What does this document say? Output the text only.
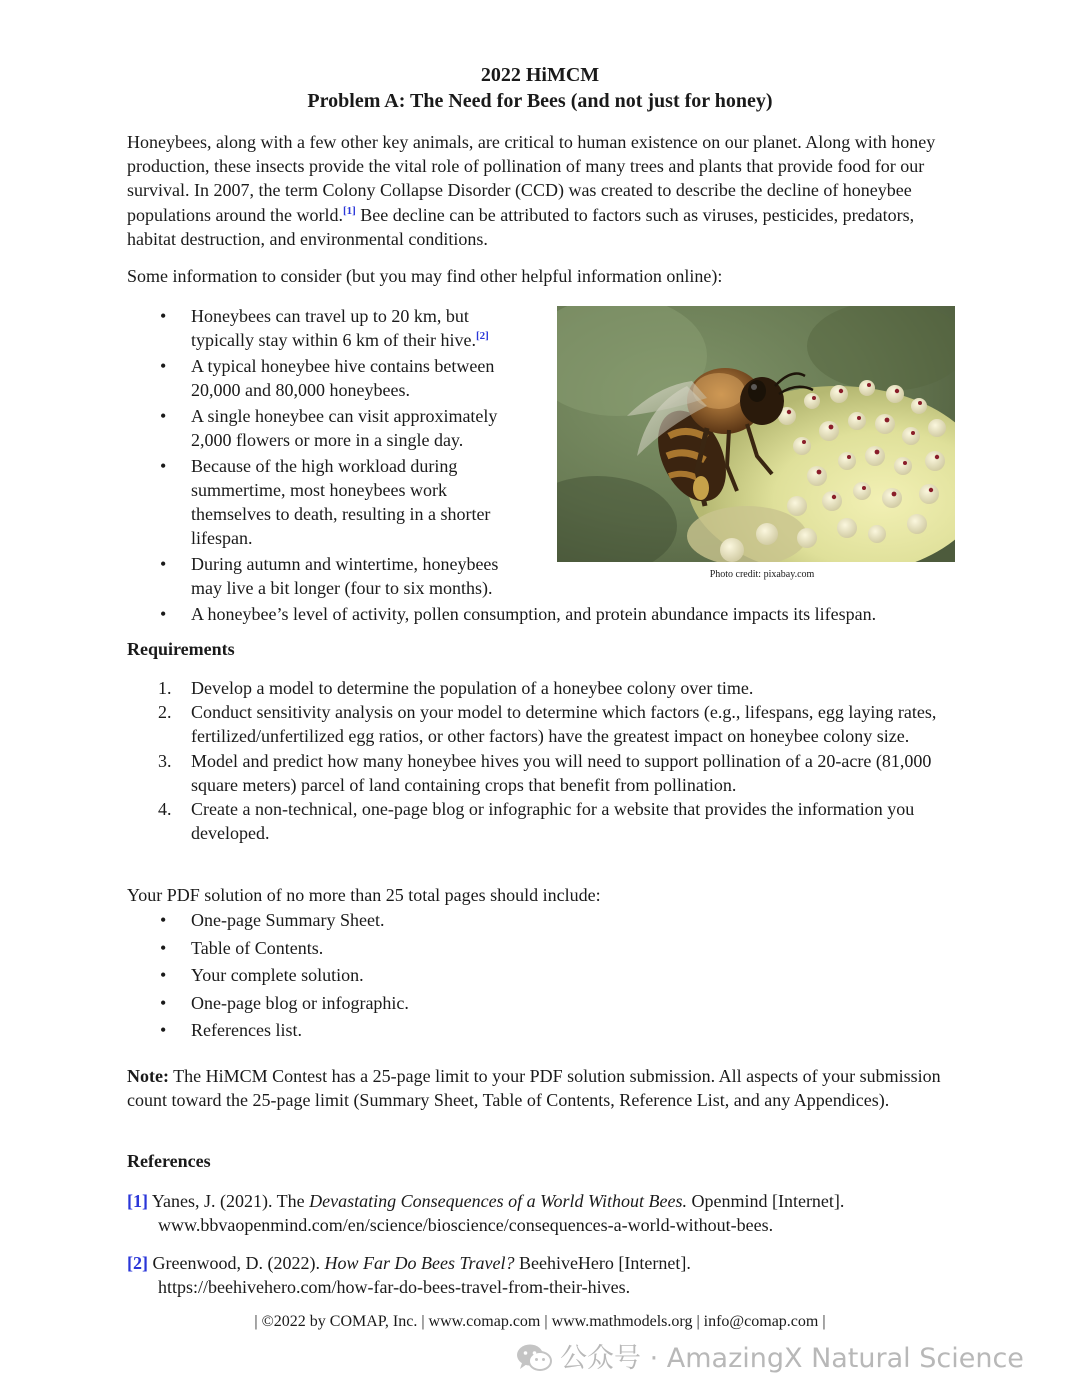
2022 HiMCM
Problem A: The Need for Bees (and not just for honey)
Honeybees, along with a few other key animals, are critical to human existence on our planet. Along with honey production, these insects provide the vital role of pollination of many trees and plants that provide food for our survival. In 2007, the term Colony Collapse Disorder (CCD) was created to describe the decline of honeybee populations around the world.[1] Bee decline can be attributed to factors such as viruses, pesticides, predators, habitat destruction, and environmental conditions.
Some information to consider (but you may find other helpful information online):
• Honeybees can travel up to 20 km, but typically stay within 6 km of their hive.[2]
• A typical honeybee hive contains between 20,000 and 80,000 honeybees.
• A single honeybee can visit approximately 2,000 flowers or more in a single day.
• Because of the high workload during summertime, most honeybees work themselves to death, resulting in a shorter lifespan.
• During autumn and wintertime, honeybees may live a bit longer (four to six months).
• A honeybee’s level of activity, pollen consumption, and protein abundance impacts its lifespan.
Photo credit: pixabay.com
Requirements
1. Develop a model to determine the population of a honeybee colony over time.
2. Conduct sensitivity analysis on your model to determine which factors (e.g., lifespans, egg laying rates, fertilized/unfertilized egg ratios, or other factors) have the greatest impact on honeybee colony size.
3. Model and predict how many honeybee hives you will need to support pollination of a 20-acre (81,000 square meters) parcel of land containing crops that benefit from pollination.
4. Create a non-technical, one-page blog or infographic for a website that provides the information you developed.
Your PDF solution of no more than 25 total pages should include:
• One-page Summary Sheet.
• Table of Contents.
• Your complete solution.
• One-page blog or infographic.
• References list.
Note: The HiMCM Contest has a 25-page limit to your PDF solution submission. All aspects of your submission count toward the 25-page limit (Summary Sheet, Table of Contents, Reference List, and any Appendices).
References
[1] Yanes, J. (2021). The Devastating Consequences of a World Without Bees. Openmind [Internet].
www.bbvaopenmind.com/en/science/bioscience/consequences-a-world-without-bees.
[2] Greenwood, D. (2022). How Far Do Bees Travel? BeehiveHero [Internet].
https://beehivehero.com/how-far-do-bees-travel-from-their-hives.
| ©2022 by COMAP, Inc. | www.comap.com | www.mathmodels.org | info@comap.com |
公众号 · AmazingX Natural Science
